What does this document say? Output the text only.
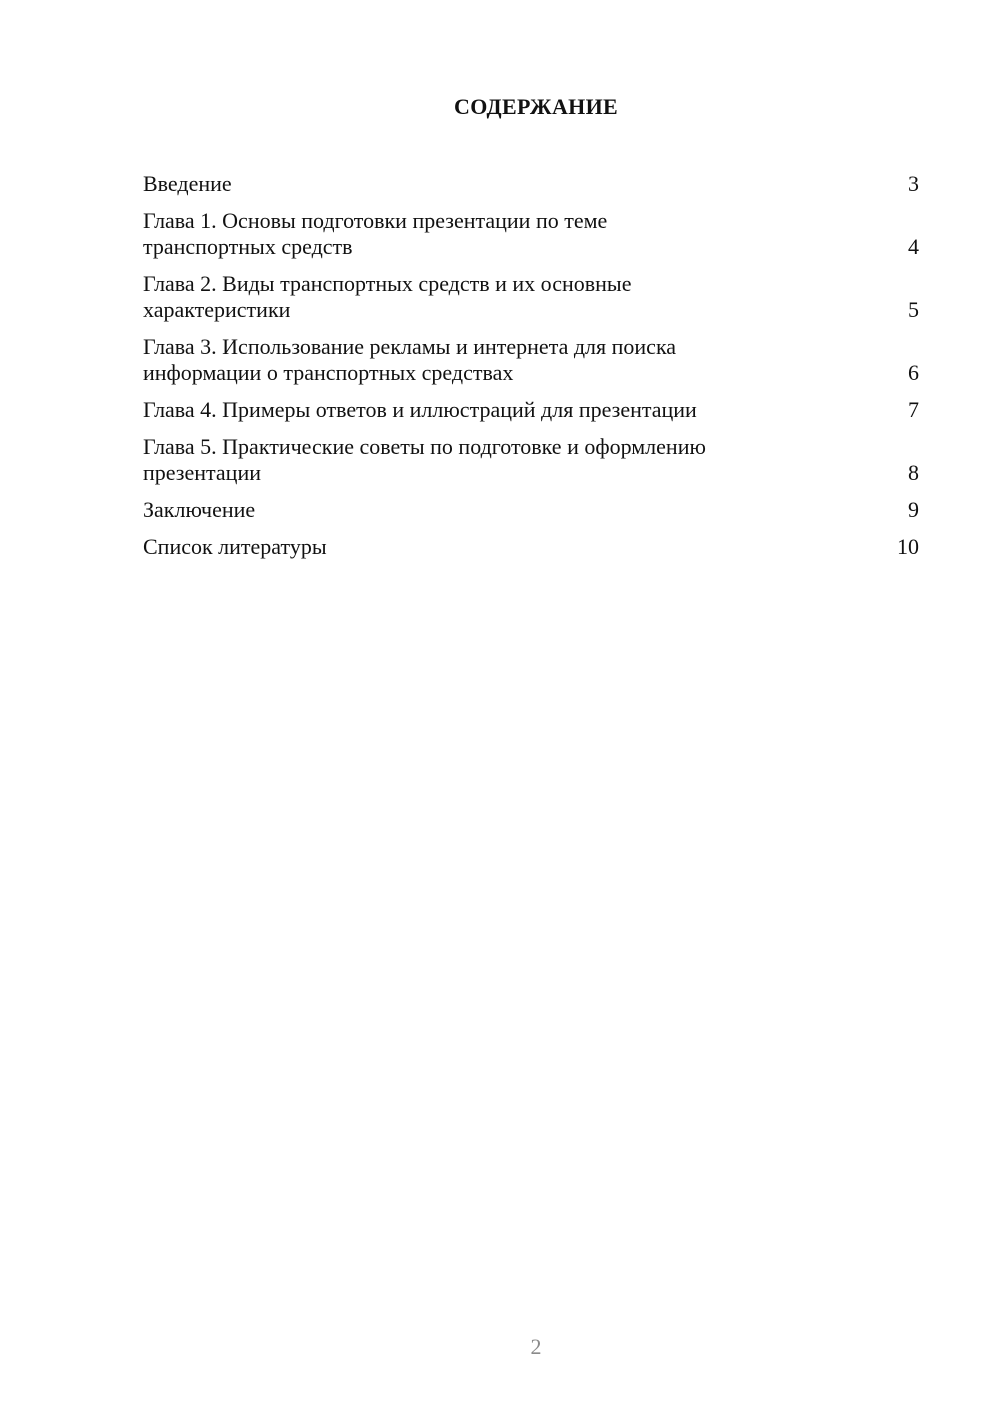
СОДЕРЖАНИЕ
Введение	3
Глава 1. Основы подготовки презентации по теме
транспортных средств	4
Глава 2. Виды транспортных средств и их основные
характеристики	5
Глава 3. Использование рекламы и интернета для поиска
информации о транспортных средствах	6
Глава 4. Примеры ответов и иллюстраций для презентации	7
Глава 5. Практические советы по подготовке и оформлению
презентации	8
Заключение	9
Список литературы	10
2
